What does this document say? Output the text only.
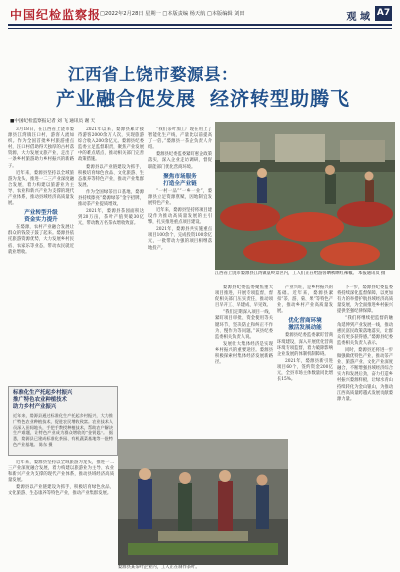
中国纪检监察报
□2022年2月28日 星期一 □本版责编 杨天航 □本版编辑 刘田	观 域 A7
江西省上饶市婺源县：
产业融合促发展 经济转型助腾飞
■中国纪检监察报记者 刘 飞 通讯员 谢 天

3月18日，在江西省上饶市婺源县江湾镇汪口村，游客人流如织。作为全国首批乡村旅游重点村，汪口村借助得天独厚的古村落资源，大力发展文旅产业，走出了一条乡村旅游助力乡村振兴的新路子。

近年来，婺源县坚持以全域旅游为龙头，推进一二三产业深度融合发展，着力构建以旅游业为主导、农业和新兴产业为支撑的现代产业体系，推动县域经济高质量发展。

产业转型升级
资金实力提升

在婺源，农村产业融合发展让群众的钱袋子鼓了起来。婺源县依托旅游资源优势，大力发展乡村民宿、农家乐等业态，带动农民就近就业增收。

2021年以来，婺源县累计接待游客2000余万人次，实现旅游综合收入200余亿元。婺源县纪委监委立足监督职责，聚焦产业发展中的难点堵点，推动相关部门完善政策措施。

婺源县以产业链建设为抓手，积极培育绿色食品、文化旅游、生态康养等特色产业，推动产业集群发展。

作为全国绿茶出口基地，婺源县持续擦亮“婺源绿茶”金字招牌，推动茶产业提质增效。

2021年，婺源县茶园面积达到20万亩，茶叶产值突破30亿元，带动数万名茶农增收致富。

“我们茶叶加工厂现在用上了智能化生产线，产量比以前提高了一倍。”婺源县一茶企负责人介绍。

婺源县纪委监委紧盯惠企政策落实，深入企业走访调研，督促职能部门优化营商环境。

聚焦市场服务
打造全产业链

“一村一品”“一乡一业”，婺源县立足资源禀赋，因地制宜发展特色产业。

近年来，婺源县坚持将项目建设作为推动高质量发展的主引擎，扎实推进重点项目建设。

2021年，婺源县共实施重点项目100余个，完成投资100余亿元，一批带动力强的项目相继落地投产。

江西省上饶市婺源县江湾镇篁岭景区内，工人们正在给游客晒秋晒红辣椒。 本报通讯员 摄

婺源县纪委监委聚焦重大项目推进，开展专项监督，督促相关部门压实责任，推动项目早开工、早建成、早见效。

“我们定期深入项目一线，紧盯项目审批、资金使用等关键环节，坚决防止和纠正不作为、慢作为等问题。”该县纪委监委相关负责人说。

发展壮大集体经济是实现乡村振兴的重要途径。婺源县积极探索村集体经济发展新路径。

产业兴旺，是乡村振兴的基础。近年来，婺源县紧扣“茶、游、菊、果”等特色产业，推动乡村产业高质量发展。

优化营商环境
激活发展动能

婺源县纪委监委紧盯营商环境建设，深入开展优化营商环境专项监督，着力破除影响企业发展的体制机制障碍。

2021年，婺源县新引进项目60个，签约资金200亿元，全县市场主体数量同比增长15%。

下一步，婺源县纪委监委将持续深化监督保障，以更加有力的举措护航县域经济高质量发展，为全面推进乡村振兴提供坚强纪律保障。

“我们将继续把监督的触角延伸到产业发展一线，推动惠民富民政策落地落实，让群众有更多获得感。”婺源县纪委监委相关负责人表示。

同时，婺源县还将进一步做强做优特色产业，推动茶产业、旅游产业、文化产业深度融合，不断增强县域经济综合实力和发展后劲，奋力打造乡村振兴婺源样板，让绿水青山持续转化为金山银山，为推动江西高质量跨越式发展贡献婺源力量。

标准化生产托起乡村振兴
推广特色农业种植技术
助力乡村产业振兴
近年来，婺源县通过标准化生产托起乡村振兴，大力推广特色农业种植技术，促进农民增收致富。农业技术人员深入田间地头，手把手教授种植技术，帮助农户解决生产难题，让特色产业成为群众增收的“金钥匙”。 据悉，婺源县已建成标准化茶园、有机蔬菜基地等一批特色产业基地。 陈东 摄
婺源县某茶叶企业内，工人正在制作茶叶。

近年来，婺源县坚持以全域旅游为龙头，推进一二三产业深度融合发展，着力构建以旅游业为主导、农业和新兴产业为支撑的现代产业体系，推动县域经济高质量发展。

婺源县以产业链建设为抓手，积极培育绿色食品、文化旅游、生态康养等特色产业，推动产业集群发展。
